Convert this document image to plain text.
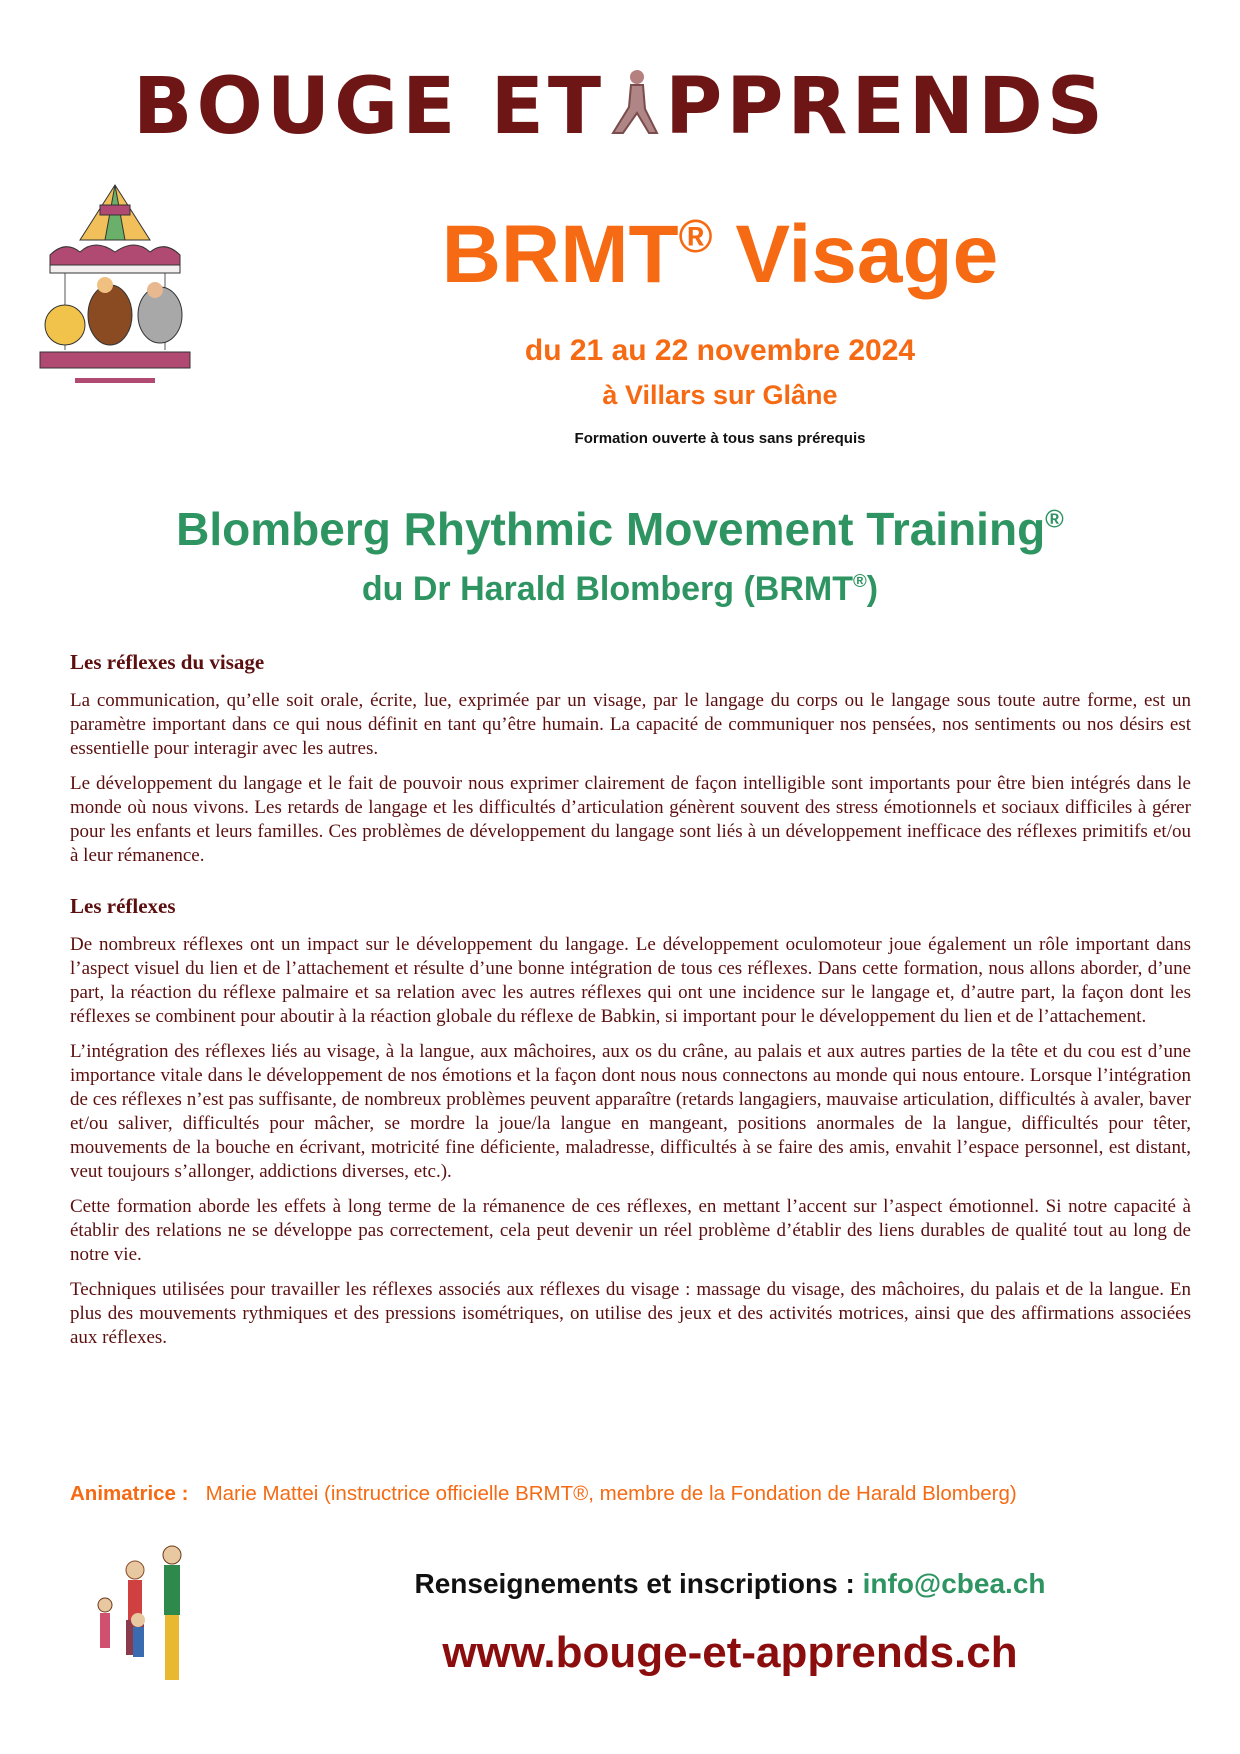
BOUGE ET PPRENDS
BRMT® Visage
du 21 au 22 novembre 2024
à Villars sur Glâne
Formation ouverte à tous sans prérequis
Blomberg Rhythmic Movement Training®
du Dr Harald Blomberg (BRMT®)
Les réflexes du visage

La communication, qu’elle soit orale, écrite, lue, exprimée par un visage, par le langage du corps ou le langage sous toute autre forme, est un paramètre important dans ce qui nous définit en tant qu’être humain. La capacité de communiquer nos pensées, nos sentiments ou nos désirs est essentielle pour interagir avec les autres.

Le développement du langage et le fait de pouvoir nous exprimer clairement de façon intelligible sont importants pour être bien intégrés dans le monde où nous vivons. Les retards de langage et les difficultés d’articulation génèrent souvent des stress émotionnels et sociaux difficiles à gérer pour les enfants et leurs familles. Ces problèmes de développement du langage sont liés à un développement inefficace des réflexes primitifs et/ou à leur rémanence.

Les réflexes

De nombreux réflexes ont un impact sur le développement du langage. Le développement oculomoteur joue également un rôle important dans l’aspect visuel du lien et de l’attachement et résulte d’une bonne intégration de tous ces réflexes. Dans cette formation, nous allons aborder, d’une part, la réaction du réflexe palmaire et sa relation avec les autres réflexes qui ont une incidence sur le langage et, d’autre part, la façon dont les réflexes se combinent pour aboutir à la réaction globale du réflexe de Babkin, si important pour le développement du lien et de l’attachement.

L’intégration des réflexes liés au visage, à la langue, aux mâchoires, aux os du crâne, au palais et aux autres parties de la tête et du cou est d’une importance vitale dans le développement de nos émotions et la façon dont nous nous connectons au monde qui nous entoure. Lorsque l’intégration de ces réflexes n’est pas suffisante, de nombreux problèmes peuvent apparaître (retards langagiers, mauvaise articulation, difficultés à avaler, baver et/ou saliver, difficultés pour mâcher, se mordre la joue/la langue en mangeant, positions anormales de la langue, difficultés pour têter, mouvements de la bouche en écrivant, motricité fine déficiente, maladresse, difficultés à se faire des amis, envahit l’espace personnel, est distant, veut toujours s’allonger, addictions diverses, etc.).

Cette formation aborde les effets à long terme de la rémanence de ces réflexes, en mettant l’accent sur l’aspect émotionnel. Si notre capacité à établir des relations ne se développe pas correctement, cela peut devenir un réel problème d’établir des liens durables de qualité tout au long de notre vie.

Techniques utilisées pour travailler les réflexes associés aux réflexes du visage : massage du visage, des mâchoires, du palais et de la langue. En plus des mouvements rythmiques et des pressions isométriques, on utilise des jeux et des activités motrices, ainsi que des affirmations associées aux réflexes.

Animatrice : Marie Mattei (instructrice officielle BRMT®, membre de la Fondation de Harald Blomberg)
Renseignements et inscriptions : info@cbea.ch
www.bouge-et-apprends.ch
